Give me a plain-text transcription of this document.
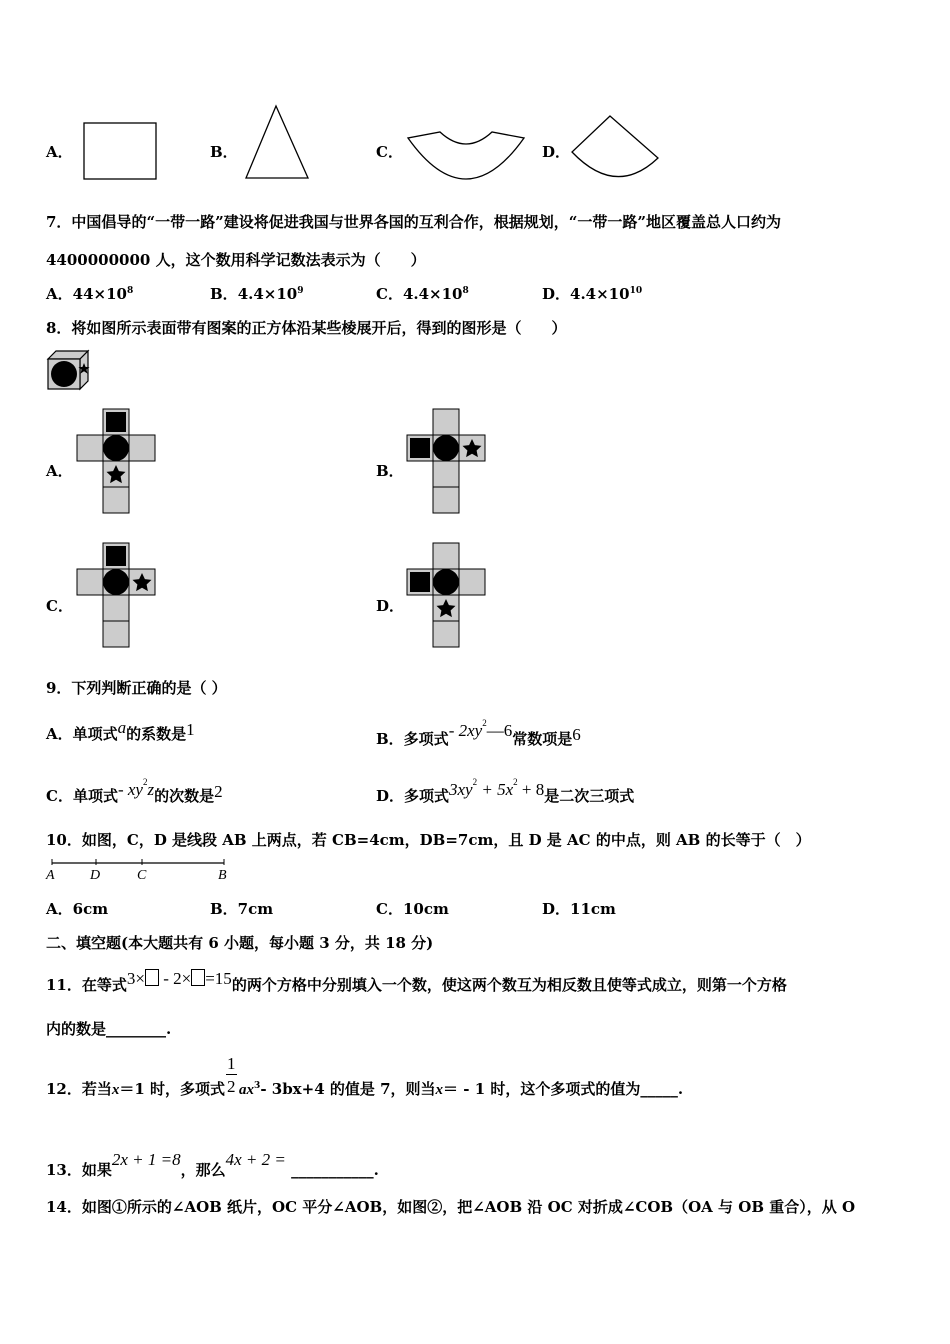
A．	B．	C．	D．
7．中国倡导的“一带一路”建设将促进我国与世界各国的互利合作，根据规划，“一带一路”地区覆盖总人口约为
4400000000 人，这个数用科学记数法表示为（　　）
A．$44\times 10^8$	B．$4.4\times 10^9$	C．$4.4\times 10^8$	D．$4.4\times 10^{10}$
8．将如图所示表面带有图案的正方体沿某些棱展开后，得到的图形是（　　）
A．	B．
C．	D．
9．下列判断正确的是（ ）
A．单项式a的系数是1	B．多项式- $2xy^2—6$常数项是6
C．单项式- $xy^2z$的次数是2	D．多项式$3xy^2 + 5x^2 + 8$是二次三项式
10．如图，C，D 是线段 AB 上两点，若 CB=4cm，DB=7cm，且 D 是 AC 的中点，则 AB 的长等于（　）
A	D	C	B
A．6cm	B．7cm	C．10cm	D．11cm
二、填空题(本大题共有 6 小题，每小题 3 分，共 18 分)
11．在等式3× - 2× =15的两个方格中分别填入一个数，使这两个数互为相反数且使等式成立，则第一个方格
内的数是________.
12．若当x＝1 时，多项式 $\frac{1}{2} ax^3-$ 3bx+4 的值是 7，则当x＝ - 1 时，这个多项式的值为_____.
13．如果2x + 1 =8，那么4x + 2 = ___________.
14．如图①所示的∠AOB 纸片，OC 平分∠AOB，如图②，把∠AOB 沿 OC 对折成∠COB（OA 与 OB 重合），从 O
